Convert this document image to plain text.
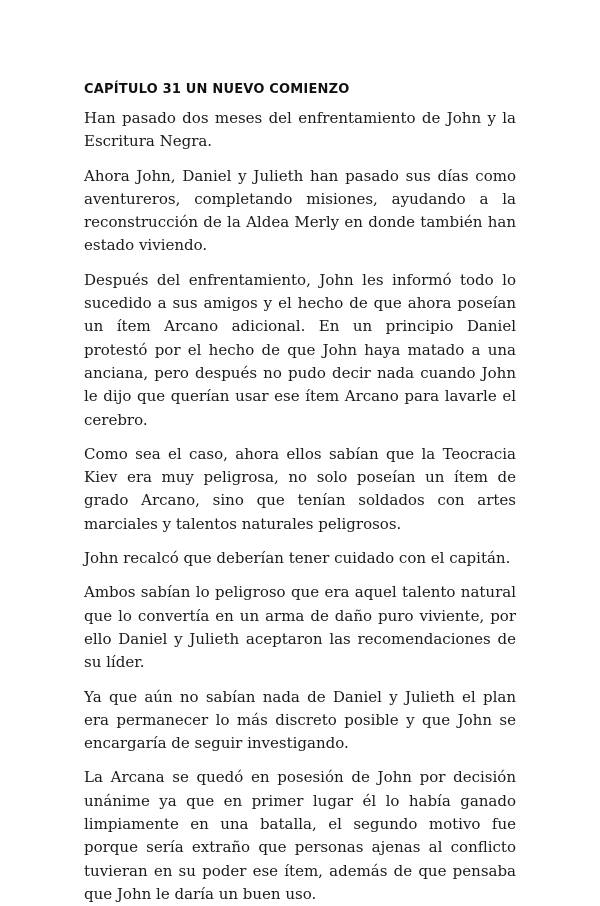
CAPÍTULO 31 UN NUEVO COMIENZO

Han pasado dos meses del enfrentamiento de John y la Escritura Negra.

Ahora John, Daniel y Julieth han pasado sus días como aventureros, completando misiones, ayudando a la reconstrucción de la Aldea Merly en donde también han estado viviendo.

Después del enfrentamiento, John les informó todo lo sucedido a sus amigos y el hecho de que ahora poseían un ítem Arcano adicional. En un principio Daniel protestó por el hecho de que John haya matado a una anciana, pero después no pudo decir nada cuando John le dijo que querían usar ese ítem Arcano para lavarle el cerebro.

Como sea el caso, ahora ellos sabían que la Teocracia Kiev era muy peligrosa, no solo poseían un ítem de grado Arcano, sino que tenían soldados con artes marciales y talentos naturales peligrosos.

John recalcó que deberían tener cuidado con el capitán.

Ambos sabían lo peligroso que era aquel talento natural que lo convertía en un arma de daño puro viviente, por ello Daniel y Julieth aceptaron las recomendaciones de su líder.

Ya que aún no sabían nada de Daniel y Julieth el plan era permanecer lo más discreto posible y que John se encargaría de seguir investigando.

La Arcana se quedó en posesión de John por decisión unánime ya que en primer lugar él lo había ganado limpiamente en una batalla, el segundo motivo fue porque sería extraño que personas ajenas al conflicto tuvieran en su poder ese ítem, además de que pensaba que John le daría un buen uso.
